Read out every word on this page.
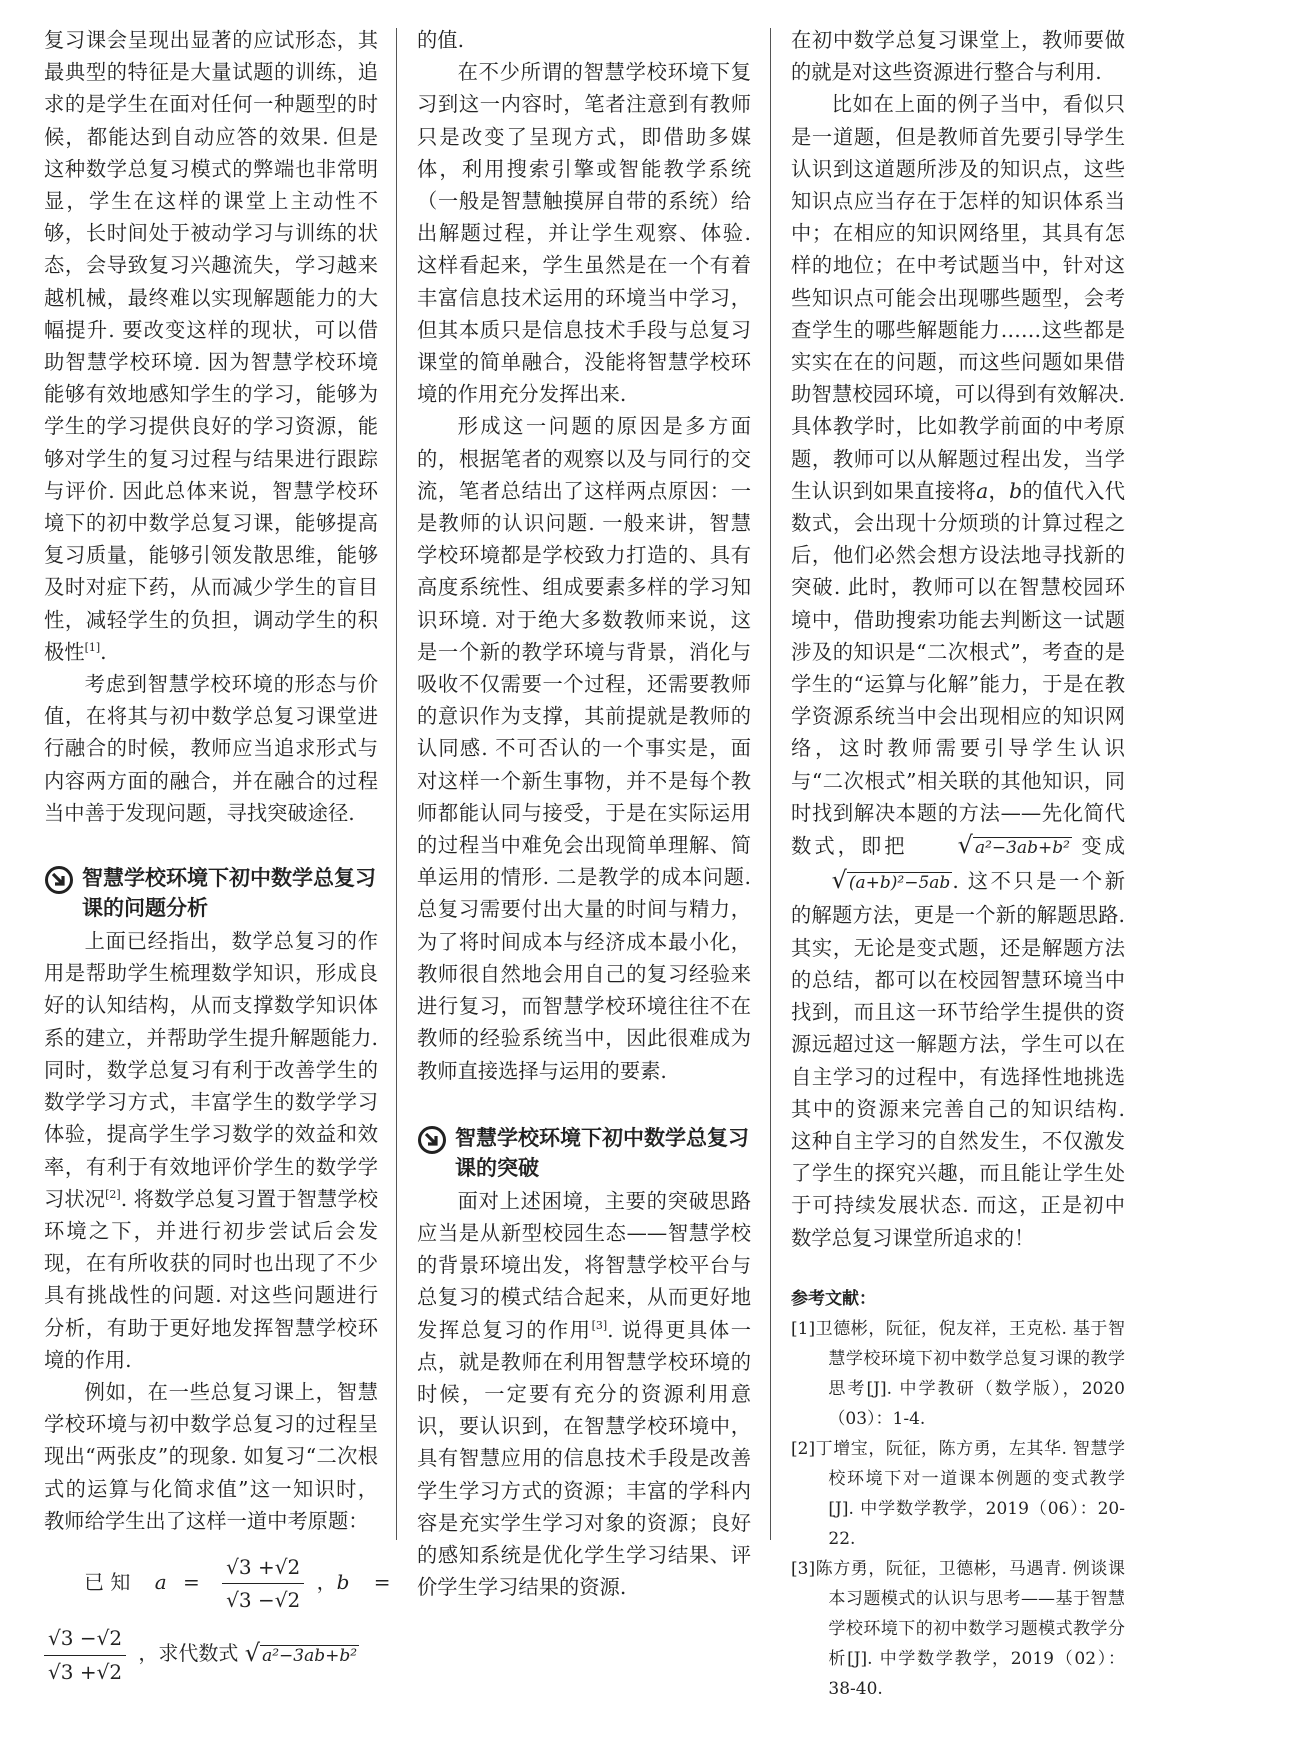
复习课会呈现出显著的应试形态，其最典型的特征是大量试题的训练，追求的是学生在面对任何一种题型的时候，都能达到自动应答的效果. 但是这种数学总复习模式的弊端也非常明显，学生在这样的课堂上主动性不够，长时间处于被动学习与训练的状态，会导致复习兴趣流失，学习越来越机械，最终难以实现解题能力的大幅提升. 要改变这样的现状，可以借助智慧学校环境. 因为智慧学校环境能够有效地感知学生的学习，能够为学生的学习提供良好的学习资源，能够对学生的复习过程与结果进行跟踪与评价. 因此总体来说，智慧学校环境下的初中数学总复习课，能够提高复习质量，能够引领发散思维，能够及时对症下药，从而减少学生的盲目性，减轻学生的负担，调动学生的积极性[1].

考虑到智慧学校环境的形态与价值，在将其与初中数学总复习课堂进行融合的时候，教师应当追求形式与内容两方面的融合，并在融合的过程当中善于发现问题，寻找突破途径.

智慧学校环境下初中数学总复习课的问题分析

上面已经指出，数学总复习的作用是帮助学生梳理数学知识，形成良好的认知结构，从而支撑数学知识体系的建立，并帮助学生提升解题能力. 同时，数学总复习有利于改善学生的数学学习方式，丰富学生的数学学习体验，提高学生学习数学的效益和效率，有利于有效地评价学生的数学学习状况[2]. 将数学总复习置于智慧学校环境之下，并进行初步尝试后会发现，在有所收获的同时也出现了不少具有挑战性的问题. 对这些问题进行分析，有助于更好地发挥智慧学校环境的作用.

例如，在一些总复习课上，智慧学校环境与初中数学总复习的过程呈现出“两张皮”的现象. 如复习“二次根式的运算与化简求值”这一知识时，教师给学生出了这样一道中考原题：

已 知 $a = \frac{√3 +√2}{√3 -√2}$ ，b =
$\frac{√3 -√2}{√3 +√2}$ ，求代数式 √ a²−3ab+b²

的值.

在不少所谓的智慧学校环境下复习到这一内容时，笔者注意到有教师只是改变了呈现方式，即借助多媒体，利用搜索引擎或智能教学系统（一般是智慧触摸屏自带的系统）给出解题过程，并让学生观察、体验. 这样看起来，学生虽然是在一个有着丰富信息技术运用的环境当中学习，但其本质只是信息技术手段与总复习课堂的简单融合，没能将智慧学校环境的作用充分发挥出来.

形成这一问题的原因是多方面的，根据笔者的观察以及与同行的交流，笔者总结出了这样两点原因：一是教师的认识问题. 一般来讲，智慧学校环境都是学校致力打造的、具有高度系统性、组成要素多样的学习知识环境. 对于绝大多数教师来说，这是一个新的教学环境与背景，消化与吸收不仅需要一个过程，还需要教师的意识作为支撑，其前提就是教师的认同感. 不可否认的一个事实是，面对这样一个新生事物，并不是每个教师都能认同与接受，于是在实际运用的过程当中难免会出现简单理解、简单运用的情形. 二是教学的成本问题. 总复习需要付出大量的时间与精力，为了将时间成本与经济成本最小化，教师很自然地会用自己的复习经验来进行复习，而智慧学校环境往往不在教师的经验系统当中，因此很难成为教师直接选择与运用的要素.

智慧学校环境下初中数学总复习课的突破

面对上述困境，主要的突破思路应当是从新型校园生态——智慧学校的背景环境出发，将智慧学校平台与总复习的模式结合起来，从而更好地发挥总复习的作用[3]. 说得更具体一点，就是教师在利用智慧学校环境的时候，一定要有充分的资源利用意识，要认识到，在智慧学校环境中，具有智慧应用的信息技术手段是改善学生学习方式的资源；丰富的学科内容是充实学生学习对象的资源；良好的感知系统是优化学生学习结果、评价学生学习结果的资源.

在初中数学总复习课堂上，教师要做的就是对这些资源进行整合与利用.

比如在上面的例子当中，看似只是一道题，但是教师首先要引导学生认识到这道题所涉及的知识点，这些知识点应当存在于怎样的知识体系当中；在相应的知识网络里，其具有怎样的地位；在中考试题当中，针对这些知识点可能会出现哪些题型，会考查学生的哪些解题能力……这些都是实实在在的问题，而这些问题如果借助智慧校园环境，可以得到有效解决. 具体教学时，比如教学前面的中考原题，教师可以从解题过程出发，当学生认识到如果直接将a，b的值代入代数式，会出现十分烦琐的计算过程之后，他们必然会想方设法地寻找新的突破. 此时，教师可以在智慧校园环境中，借助搜索功能去判断这一试题涉及的知识是“二次根式”，考查的是学生的“运算与化解”能力，于是在教学资源系统当中会出现相应的知识网络，这时教师需要引导学生认识与“二次根式”相关联的其他知识，同时找到解决本题的方法——先化简代数式，即把 √ a²−3ab+b² 变成 √ (a+b)²−5ab. 这不只是一个新的解题方法，更是一个新的解题思路. 其实，无论是变式题，还是解题方法的总结，都可以在校园智慧环境当中找到，而且这一环节给学生提供的资源远超过这一解题方法，学生可以在自主学习的过程中，有选择性地挑选其中的资源来完善自己的知识结构. 这种自主学习的自然发生，不仅激发了学生的探究兴趣，而且能让学生处于可持续发展状态. 而这，正是初中数学总复习课堂所追求的！

参考文献：
[1]卫德彬，阮征，倪友祥，王克松. 基于智慧学校环境下初中数学总复习课的教学思考[J]. 中学教研（数学版），2020（03）：1-4.
[2]丁增宝，阮征，陈方勇，左其华. 智慧学校环境下对一道课本例题的变式教学[J]. 中学数学教学，2019（06）：20-22.
[3]陈方勇，阮征，卫德彬，马遇青. 例谈课本习题模式的认识与思考——基于智慧学校环境下的初中数学习题模式教学分析[J]. 中学数学教学，2019（02）：38-40.
